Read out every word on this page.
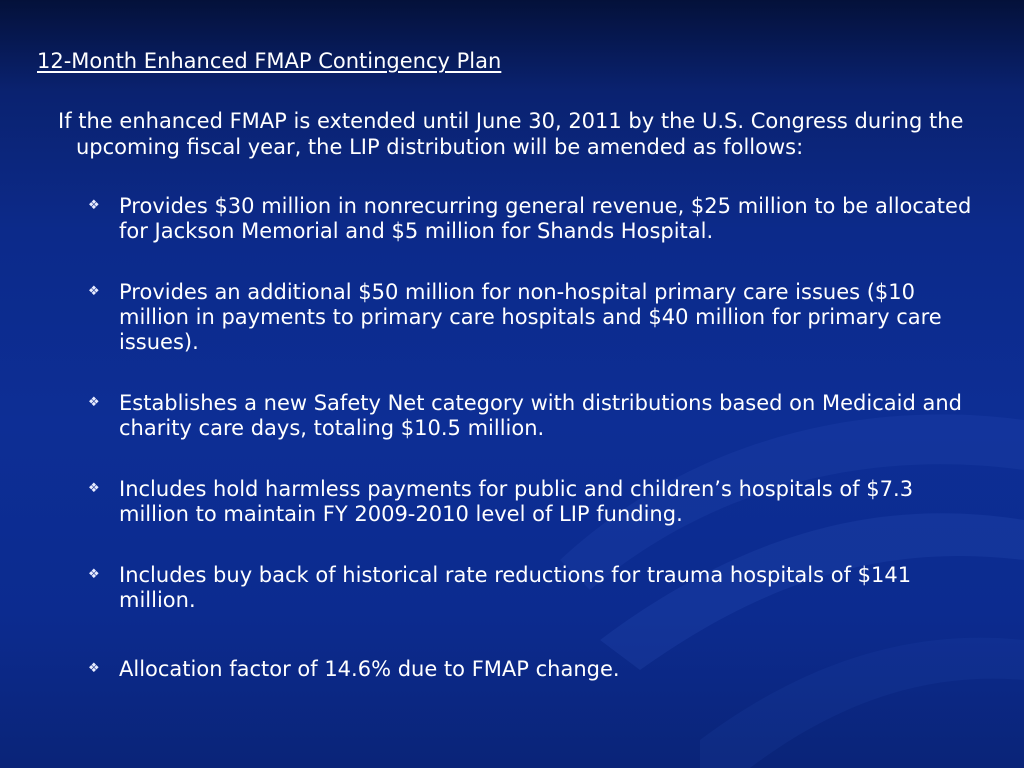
12-Month Enhanced FMAP Contingency Plan
If the enhanced FMAP is extended until June 30, 2011 by the U.S. Congress during the upcoming fiscal year, the LIP distribution will be amended as follows:
❖ Provides $30 million in nonrecurring general revenue, $25 million to be allocated for Jackson Memorial and $5 million for Shands Hospital.
❖ Provides an additional $50 million for non-hospital primary care issues ($10 million in payments to primary care hospitals and $40 million for primary care issues).
❖ Establishes a new Safety Net category with distributions based on Medicaid and charity care days, totaling $10.5 million.
❖ Includes hold harmless payments for public and children’s hospitals of $7.3 million to maintain FY 2009-2010 level of LIP funding.
❖ Includes buy back of historical rate reductions for trauma hospitals of $141 million.
❖ Allocation factor of 14.6% due to FMAP change.
